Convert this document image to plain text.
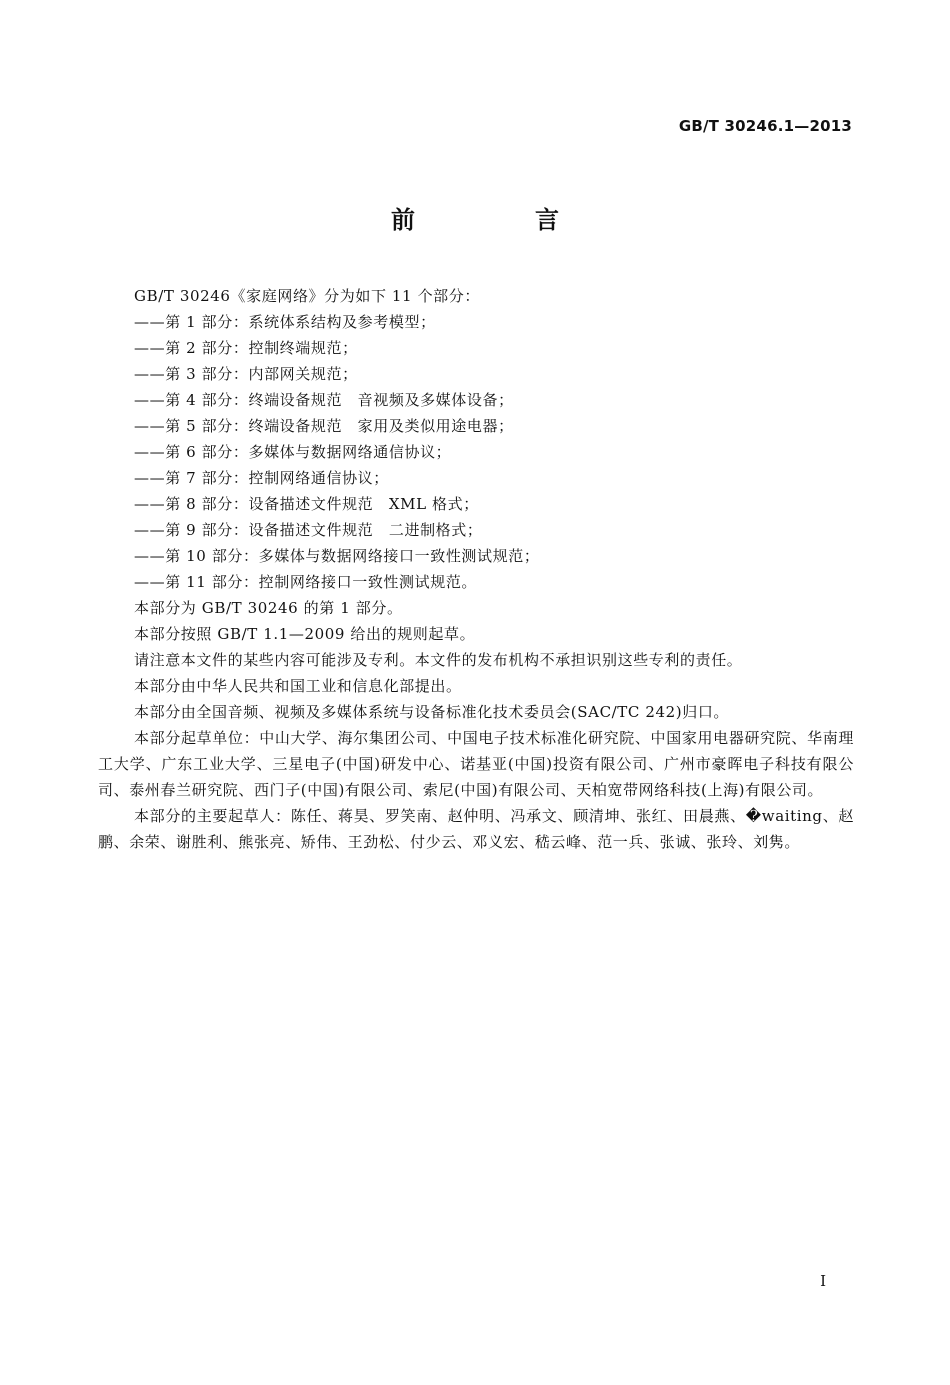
GB/T 30246.1—2013
前　言

GB/T 30246《家庭网络》分为如下 11 个部分：

——第 1 部分：系统体系结构及参考模型；

——第 2 部分：控制终端规范；

——第 3 部分：内部网关规范；

——第 4 部分：终端设备规范　音视频及多媒体设备；

——第 5 部分：终端设备规范　家用及类似用途电器；

——第 6 部分：多媒体与数据网络通信协议；

——第 7 部分：控制网络通信协议；

——第 8 部分：设备描述文件规范　XML 格式；

——第 9 部分：设备描述文件规范　二进制格式；

——第 10 部分：多媒体与数据网络接口一致性测试规范；

——第 11 部分：控制网络接口一致性测试规范。

本部分为 GB/T 30246 的第 1 部分。

本部分按照 GB/T 1.1—2009 给出的规则起草。

请注意本文件的某些内容可能涉及专利。本文件的发布机构不承担识别这些专利的责任。

本部分由中华人民共和国工业和信息化部提出。

本部分由全国音频、视频及多媒体系统与设备标准化技术委员会(SAC/TC 242)归口。

本部分起草单位：中山大学、海尔集团公司、中国电子技术标准化研究院、中国家用电器研究院、华南理工大学、广东工业大学、三星电子(中国)研发中心、诺基亚(中国)投资有限公司、广州市豪晖电子科技有限公司、泰州春兰研究院、西门子(中国)有限公司、索尼(中国)有限公司、天柏宽带网络科技(上海)有限公司。

本部分的主要起草人：陈任、蒋昊、罗笑南、赵仲明、冯承文、顾清坤、张红、田晨燕、�waiting、赵鹏、余荣、谢胜利、熊张亮、矫伟、王劲松、付少云、邓义宏、嵇云峰、范一兵、张诚、张玲、刘隽。

I
